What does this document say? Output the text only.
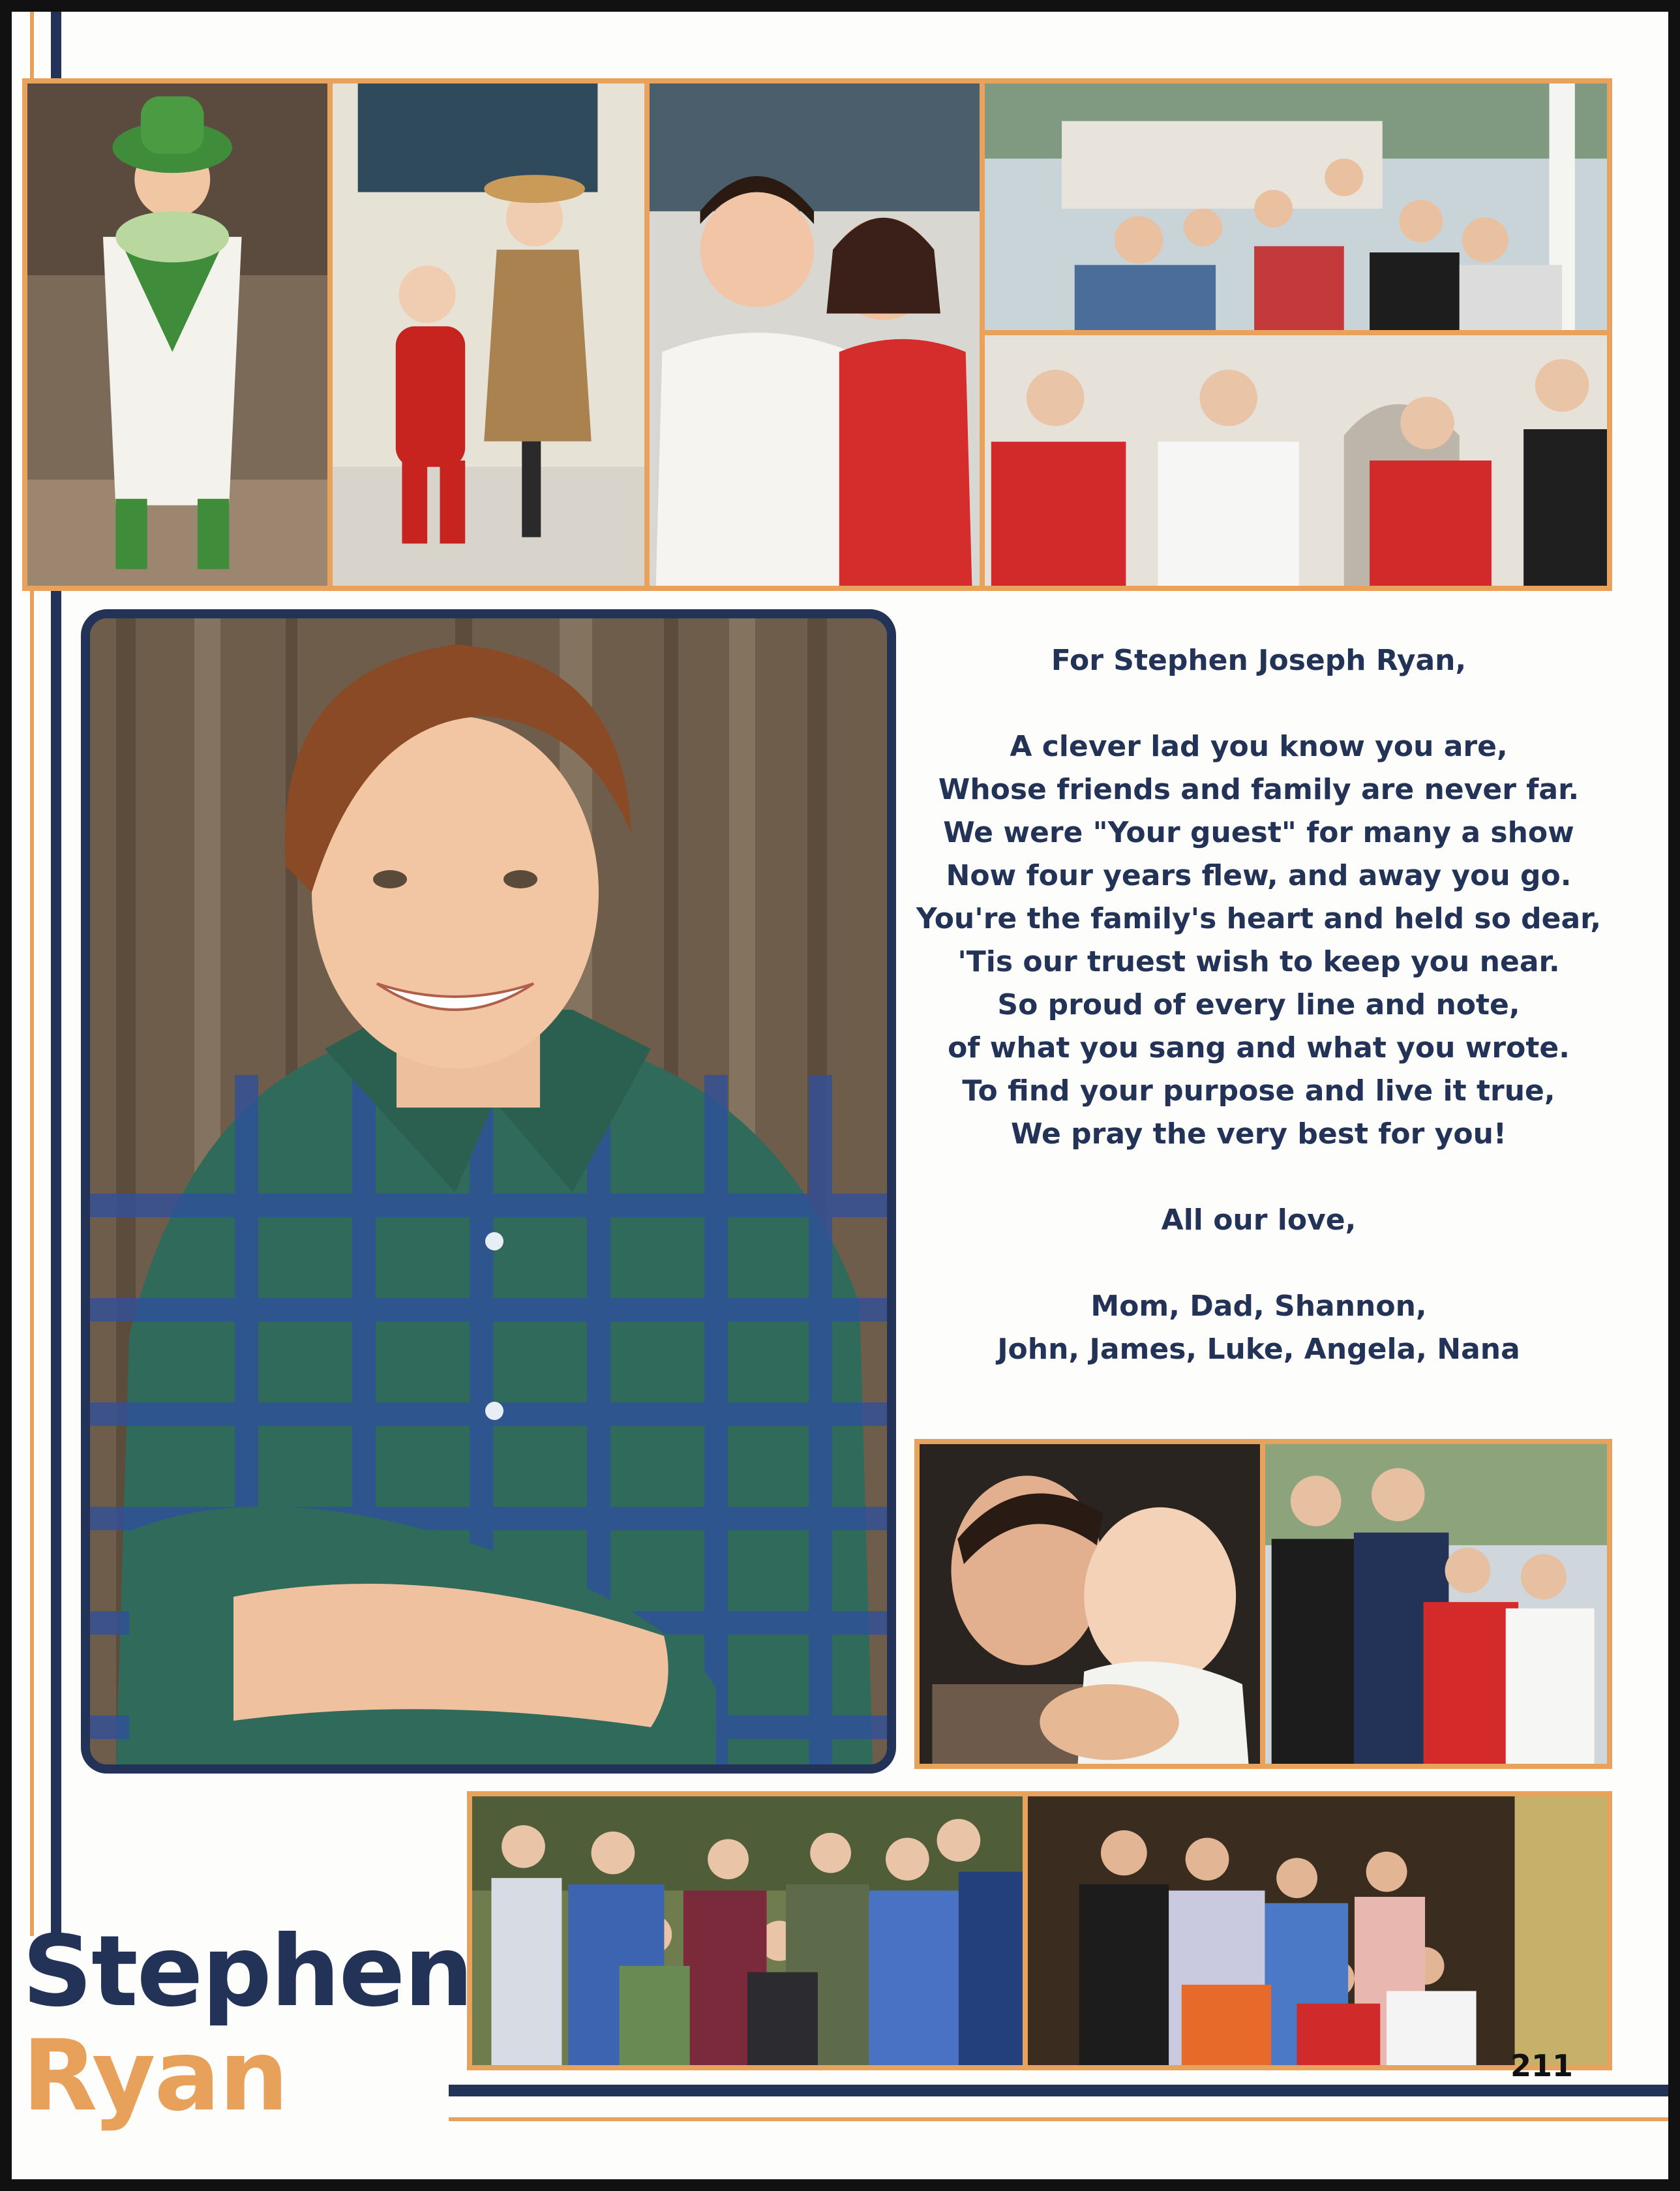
For Stephen Joseph Ryan,
A clever lad you know you are,
Whose friends and family are never far.
We were "Your guest" for many a show
Now four years flew, and away you go.
You're the family's heart and held so dear,
'Tis our truest wish to keep you near.
So proud of every line and note,
of what you sang and what you wrote.
To find your purpose and live it true,
We pray the very best for you!
All our love,
Mom, Dad, Shannon,
John, James, Luke, Angela, Nana
Stephen
Ryan	211
